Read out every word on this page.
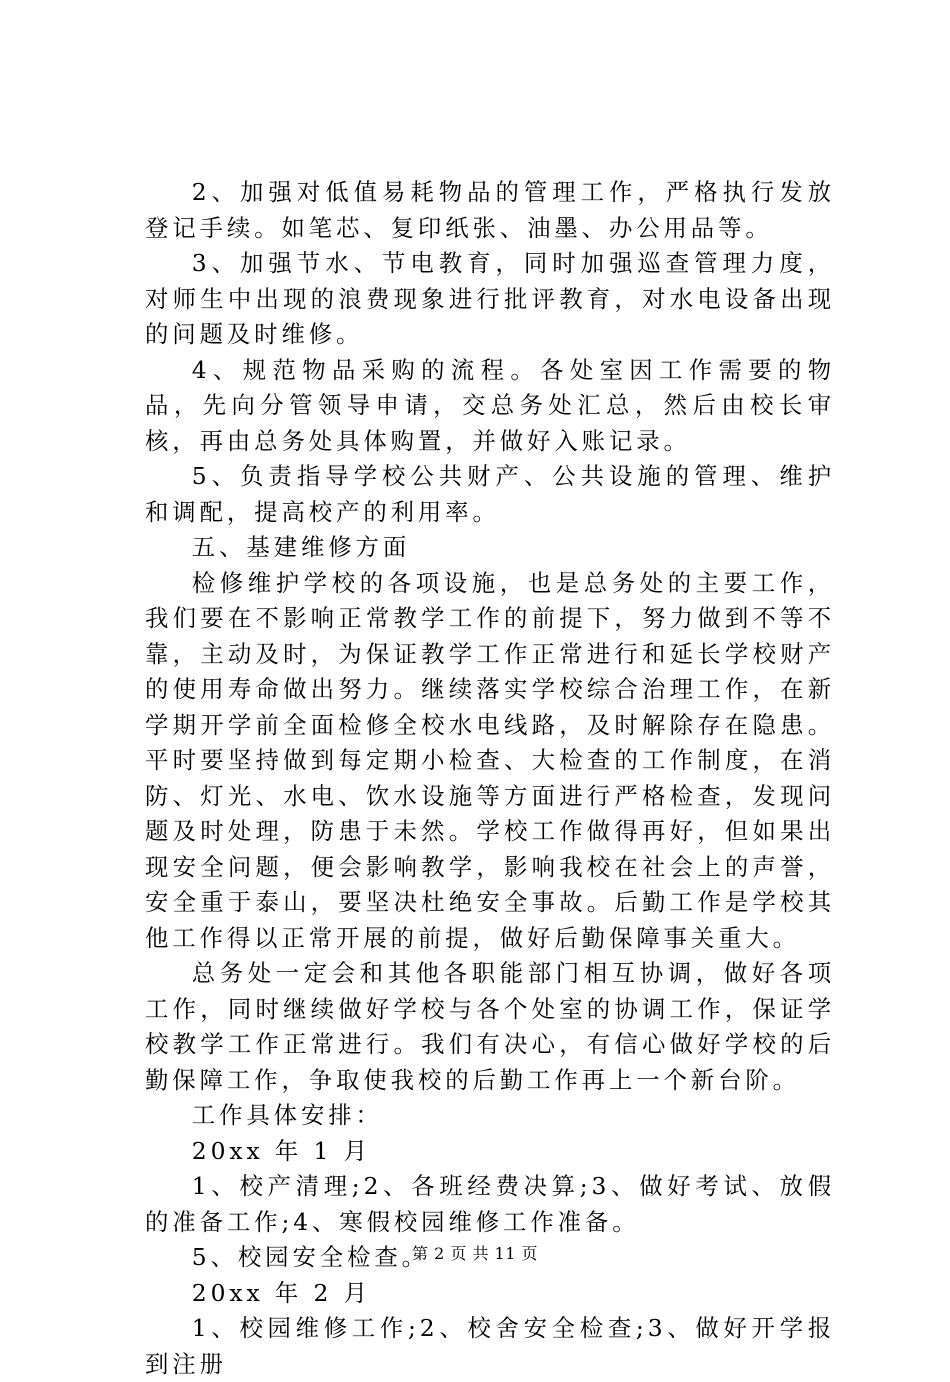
2、加强对低值易耗物品的管理工作，严格执行发放登记手续。如笔芯、复印纸张、油墨、办公用品等。

3、加强节水、节电教育，同时加强巡查管理力度，对师生中出现的浪费现象进行批评教育，对水电设备出现的问题及时维修。

4、规范物品采购的流程。各处室因工作需要的物品，先向分管领导申请，交总务处汇总，然后由校长审核，再由总务处具体购置，并做好入账记录。

5、负责指导学校公共财产、公共设施的管理、维护和调配，提高校产的利用率。

五、基建维修方面

检修维护学校的各项设施，也是总务处的主要工作，我们要在不影响正常教学工作的前提下，努力做到不等不靠，主动及时，为保证教学工作正常进行和延长学校财产的使用寿命做出努力。继续落实学校综合治理工作，在新学期开学前全面检修全校水电线路，及时解除存在隐患。平时要坚持做到每定期小检查、大检查的工作制度，在消防、灯光、水电、饮水设施等方面进行严格检查，发现问题及时处理，防患于未然。学校工作做得再好，但如果出现安全问题，便会影响教学，影响我校在社会上的声誉，安全重于泰山，要坚决杜绝安全事故。后勤工作是学校其他工作得以正常开展的前提，做好后勤保障事关重大。

总务处一定会和其他各职能部门相互协调，做好各项工作，同时继续做好学校与各个处室的协调工作，保证学校教学工作正常进行。我们有决心，有信心做好学校的后勤保障工作，争取使我校的后勤工作再上一个新台阶。

工作具体安排：

20xx 年 1 月

1、校产清理;2、各班经费决算;3、做好考试、放假的准备工作;4、寒假校园维修工作准备。

5、校园安全检查。

20xx 年 2 月

1、校园维修工作;2、校舍安全检查;3、做好开学报到注册

第 2 页 共 11 页
